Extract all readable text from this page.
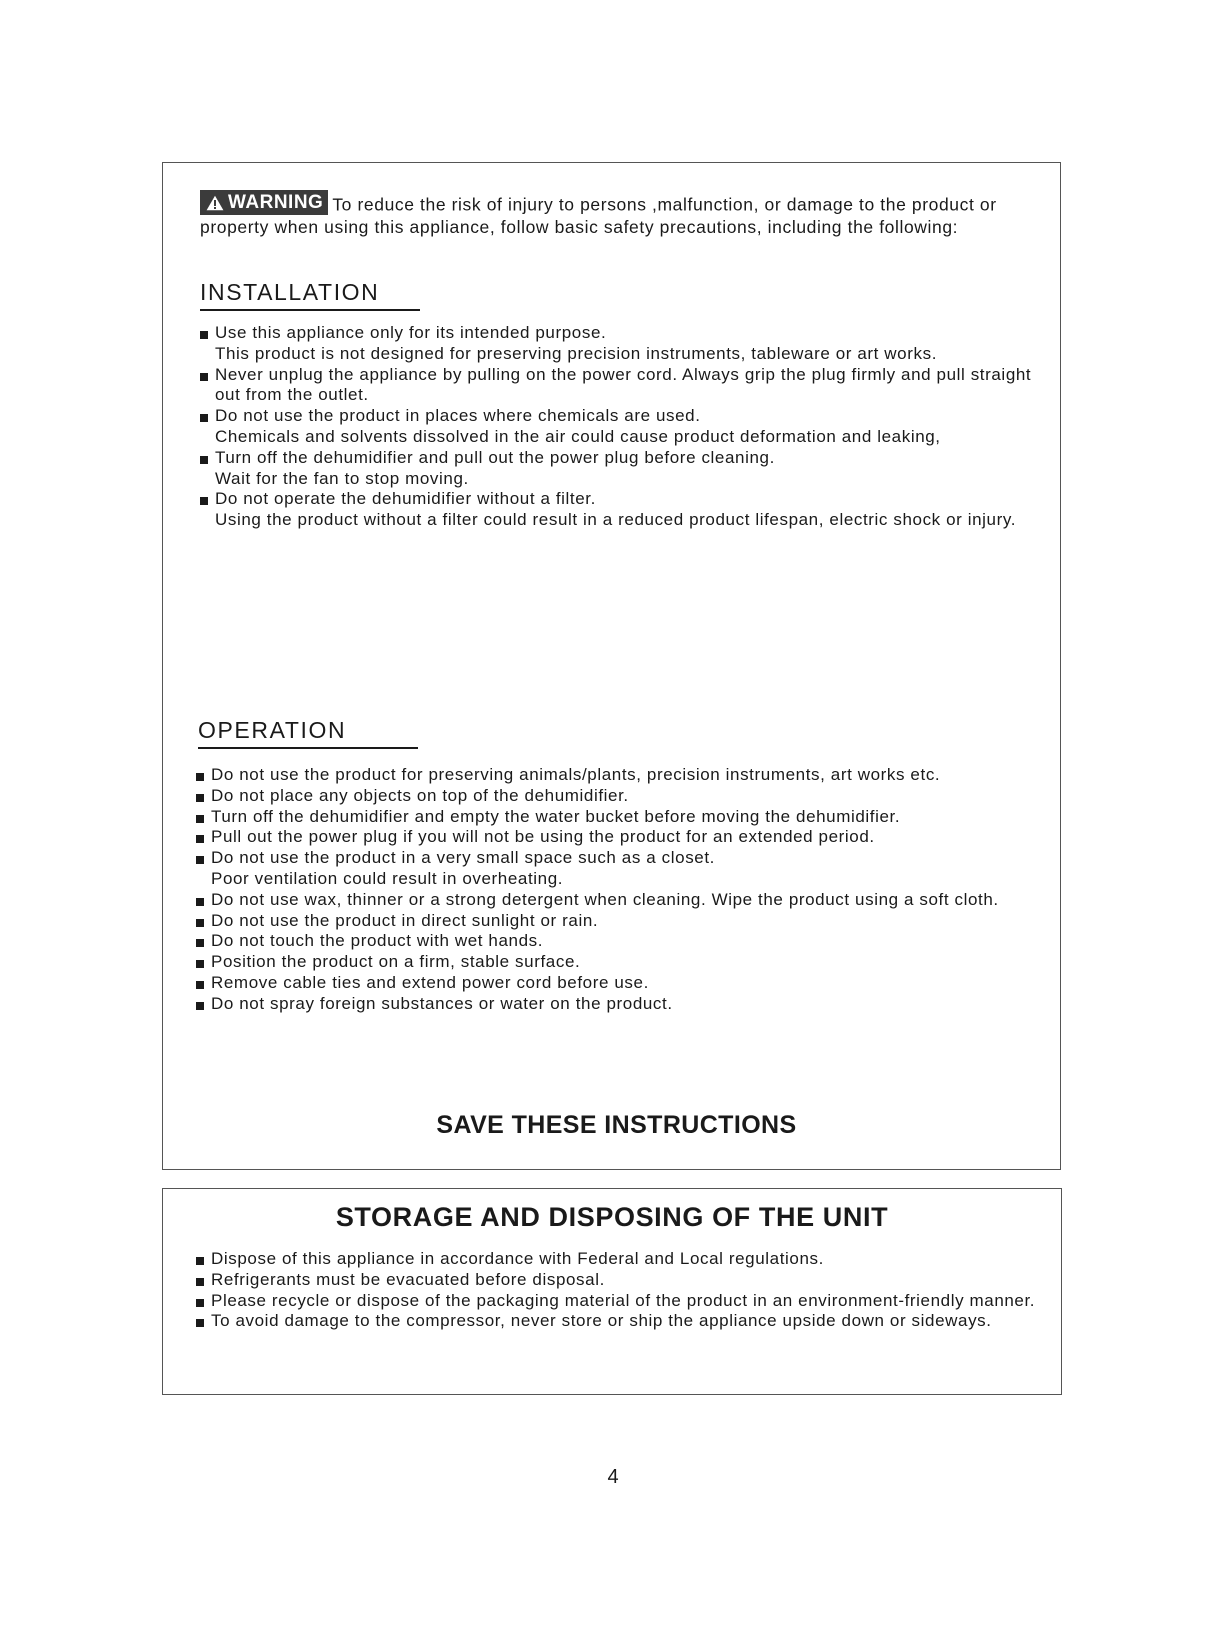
WARNING To reduce the risk of injury to persons ,malfunction, or damage to the product or property when using this appliance, follow basic safety precautions, including the following:
INSTALLATION
Use this appliance only for its intended purpose.
This product is not designed for preserving precision instruments, tableware or art works.
Never unplug the appliance by pulling on the power cord. Always grip the plug firmly and pull straight out from the outlet.
Do not use the product in places where chemicals are used.
Chemicals and solvents dissolved in the air could cause product deformation and leaking,
Turn off the dehumidifier and pull out the power plug before cleaning.
Wait for the fan to stop moving.
Do not operate the dehumidifier without a filter.
Using the product without a filter could result in a reduced product lifespan, electric shock or injury.
OPERATION
Do not use the product for preserving animals/plants, precision instruments, art works etc.
Do not place any objects on top of the dehumidifier.
Turn off the dehumidifier and empty the water bucket before moving the dehumidifier.
Pull out the power plug if you will not be using the product for an extended period.
Do not use the product in a very small space such as a closet.
Poor ventilation could result in overheating.
Do not use wax, thinner or a strong detergent when cleaning. Wipe the product using a soft cloth.
Do not use the product in direct sunlight or rain.
Do not touch the product with wet hands.
Position the product on a firm, stable surface.
Remove cable ties and extend power cord before use.
Do not spray foreign substances or water on the product.
SAVE THESE INSTRUCTIONS
STORAGE AND DISPOSING OF THE UNIT
Dispose of this appliance in accordance with Federal and Local regulations.
Refrigerants must be evacuated before disposal.
Please recycle or dispose of the packaging material of the product in an environment-friendly manner.
To avoid damage to the compressor, never store or ship the appliance upside down or sideways.
4
